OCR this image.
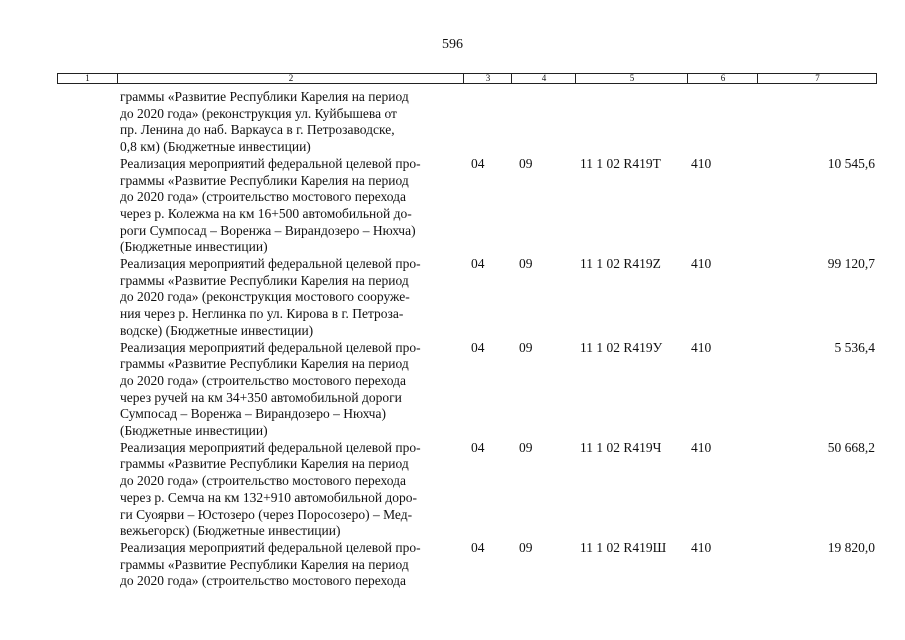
596
1	2	3	4	5	6	7
граммы «Развитие Республики Карелия на период
до 2020 года» (реконструкция ул. Куйбышева от
пр. Ленина до наб. Варкауса в г. Петрозаводске,
0,8 км) (Бюджетные инвестиции)
Реализация мероприятий федеральной целевой про-
граммы «Развитие Республики Карелия на период
до 2020 года» (строительство мостового перехода
через р. Колежма на км 16+500 автомобильной до-
роги Сумпосад – Воренжа – Вирандозеро – Нюхча)
(Бюджетные инвестиции)
04	09	11 1 02 R419Т 410	10 545,6
Реализация мероприятий федеральной целевой про-
граммы «Развитие Республики Карелия на период
до 2020 года» (реконструкция мостового сооруже-
ния через р. Неглинка по ул. Кирова в г. Петроза-
водске) (Бюджетные инвестиции)
04	09	11 1 02 R419Z 410	99 120,7
Реализация мероприятий федеральной целевой про-
граммы «Развитие Республики Карелия на период
до 2020 года» (строительство мостового перехода
через ручей на км 34+350 автомобильной дороги
Сумпосад – Воренжа – Вирандозеро – Нюхча)
(Бюджетные инвестиции)
04	09	11 1 02 R419У 410	5 536,4
Реализация мероприятий федеральной целевой про-
граммы «Развитие Республики Карелия на период
до 2020 года» (строительство мостового перехода
через р. Семча на км 132+910 автомобильной доро-
ги Суоярви – Юстозеро (через Поросозеро) – Мед-
вежьегорск) (Бюджетные инвестиции)
04	09	11 1 02 R419Ч 410	50 668,2
Реализация мероприятий федеральной целевой про-
граммы «Развитие Республики Карелия на период
до 2020 года» (строительство мостового перехода
04	09	11 1 02 R419Ш 410	19 820,0
